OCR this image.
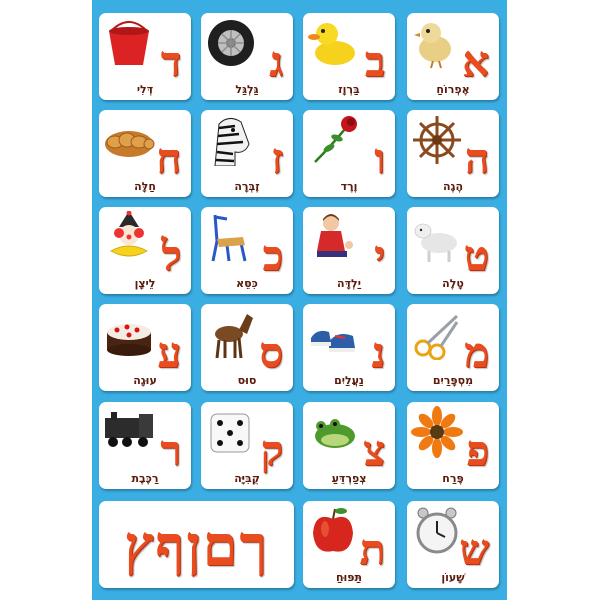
א
אֶפְרוֹחַ
ב
בַּרְוָז
ג
גַּלְגַּל
ד
דְּלִי
ה
הֶגֶה
ו
וֶרֶד
ז
זֶבְּרָה
ח
חַלָּה
ט
טָלֶה
י
יַלְדָּה
כ
כִּסֵּא
ל
לֵיצָן
מ
מִסְפָּרַיִם
נ
נַעֲלַיִם
ס
סוּס
ע
עוּגָה
פ
פֶּרַח
צ
צְפַרְדֵּעַ
ק
קֻבִּיָּה
ר
רַכֶּבֶת
ש
שָׁעוֹן
ת
תַּפּוּחַ
ךםןףץ
